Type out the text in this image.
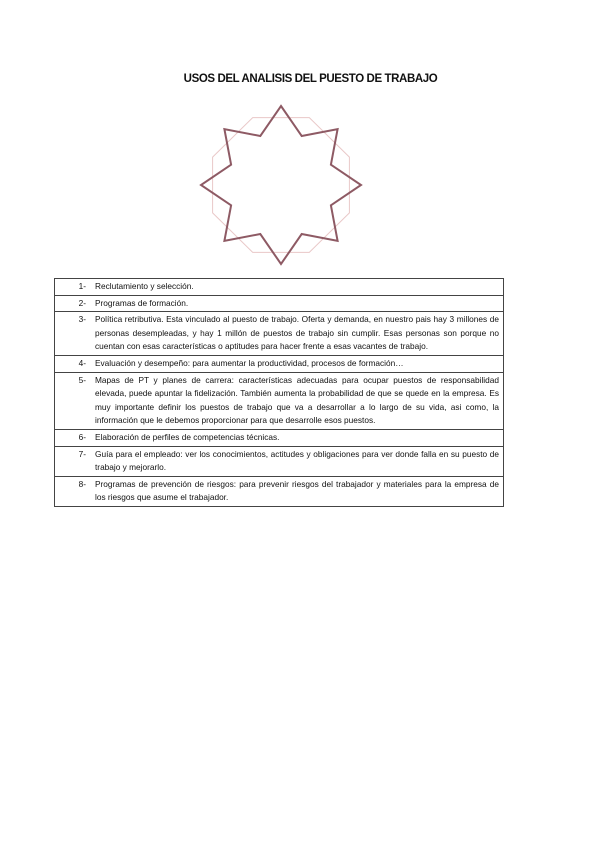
USOS DEL ANALISIS DEL PUESTO DE TRABAJO
1-	Reclutamiento y selección.
2-	Programas de formación.
3-	Política retributiva. Esta vinculado al puesto de trabajo. Oferta y demanda, en nuestro pais hay 3 millones de personas desempleadas, y hay 1 millón de puestos de trabajo sin cumplir. Esas personas son porque no cuentan con esas características o aptitudes para hacer frente a esas vacantes de trabajo.
4-	Evaluación y desempeño: para aumentar la productividad, procesos de formación…
5-	Mapas de PT y planes de carrera: características adecuadas para ocupar puestos de responsabilidad elevada, puede apuntar la fidelización. También aumenta la probabilidad de que se quede en la empresa. Es muy importante definir los puestos de trabajo que va a desarrollar a lo largo de su vida, asi como, la información que le debemos proporcionar para que desarrolle esos puestos.
6-	Elaboración de perfiles de competencias técnicas.
7-	Guía para el empleado: ver los conocimientos, actitudes y obligaciones para ver donde falla en su puesto de trabajo y mejorarlo.
8-	Programas de prevención de riesgos: para prevenir riesgos del trabajador y materiales para la empresa de los riesgos que asume el trabajador.
